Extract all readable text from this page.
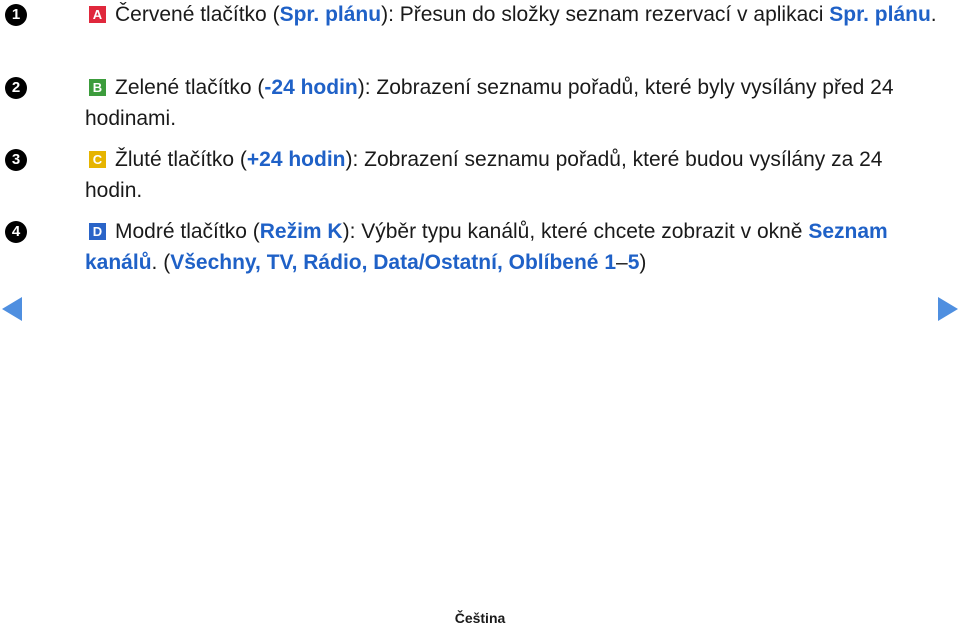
1	A Červené tlačítko (Spr. plánu): Přesun do složky seznam rezervací v aplikaci Spr. plánu.
2	B Zelené tlačítko (-24 hodin): Zobrazení seznamu pořadů, které byly vysílány před 24 hodinami.
3	C Žluté tlačítko (+24 hodin): Zobrazení seznamu pořadů, které budou vysílány za 24 hodin.
4	D Modré tlačítko (Režim K): Výběr typu kanálů, které chcete zobrazit v okně Seznam kanálů. (Všechny, TV, Rádio, Data/Ostatní, Oblíbené 1–5)
Čeština
